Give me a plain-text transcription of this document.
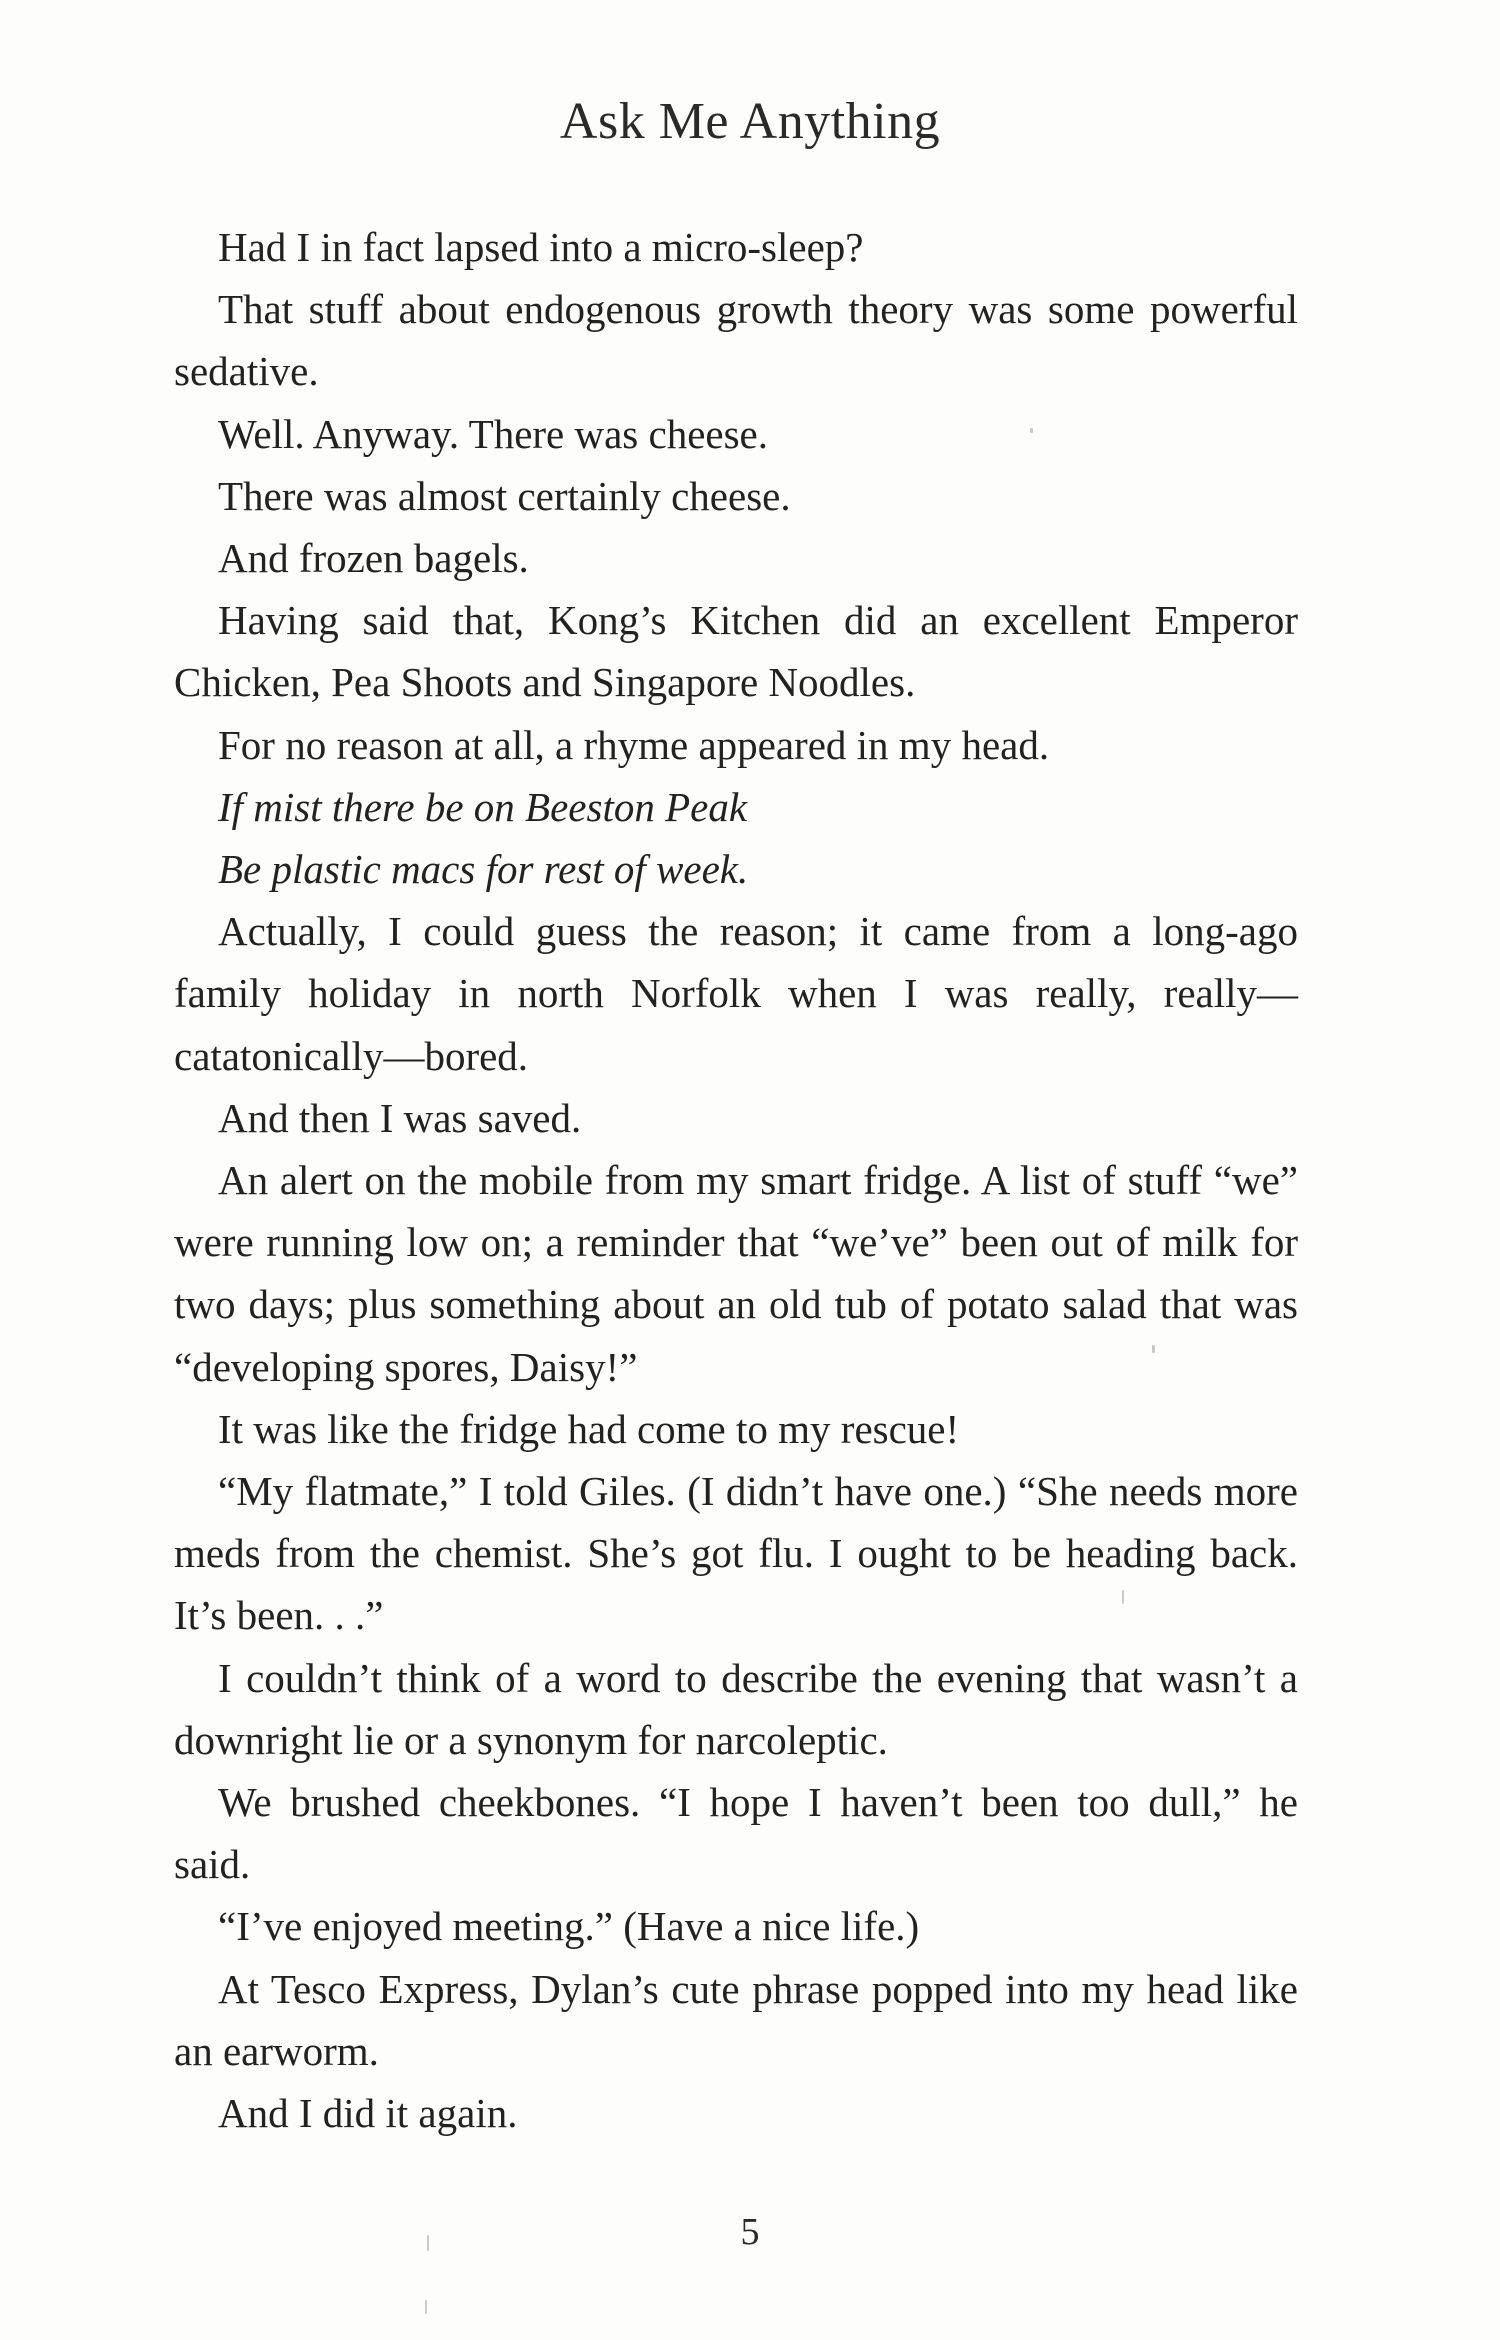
Ask Me Anything

Had I in fact lapsed into a micro-sleep?

That stuff about endogenous growth theory was some powerful sedative.

Well. Anyway. There was cheese.

There was almost certainly cheese.

And frozen bagels.

Having said that, Kong’s Kitchen did an excellent Emperor Chicken, Pea Shoots and Singapore Noodles.

For no reason at all, a rhyme appeared in my head.

If mist there be on Beeston Peak

Be plastic macs for rest of week.

Actually, I could guess the reason; it came from a long-ago family holiday in north Norfolk when I was really, really—catatonically—bored.

And then I was saved.

An alert on the mobile from my smart fridge. A list of stuff “we” were running low on; a reminder that “we’ve” been out of milk for two days; plus something about an old tub of potato salad that was “developing spores, Daisy!”

It was like the fridge had come to my rescue!

“My flatmate,” I told Giles. (I didn’t have one.) “She needs more meds from the chemist. She’s got flu. I ought to be heading back. It’s been. . .”

I couldn’t think of a word to describe the evening that wasn’t a downright lie or a synonym for narcoleptic.

We brushed cheekbones. “I hope I haven’t been too dull,” he said.

“I’ve enjoyed meeting.” (Have a nice life.)

At Tesco Express, Dylan’s cute phrase popped into my head like an earworm.

And I did it again.

5
